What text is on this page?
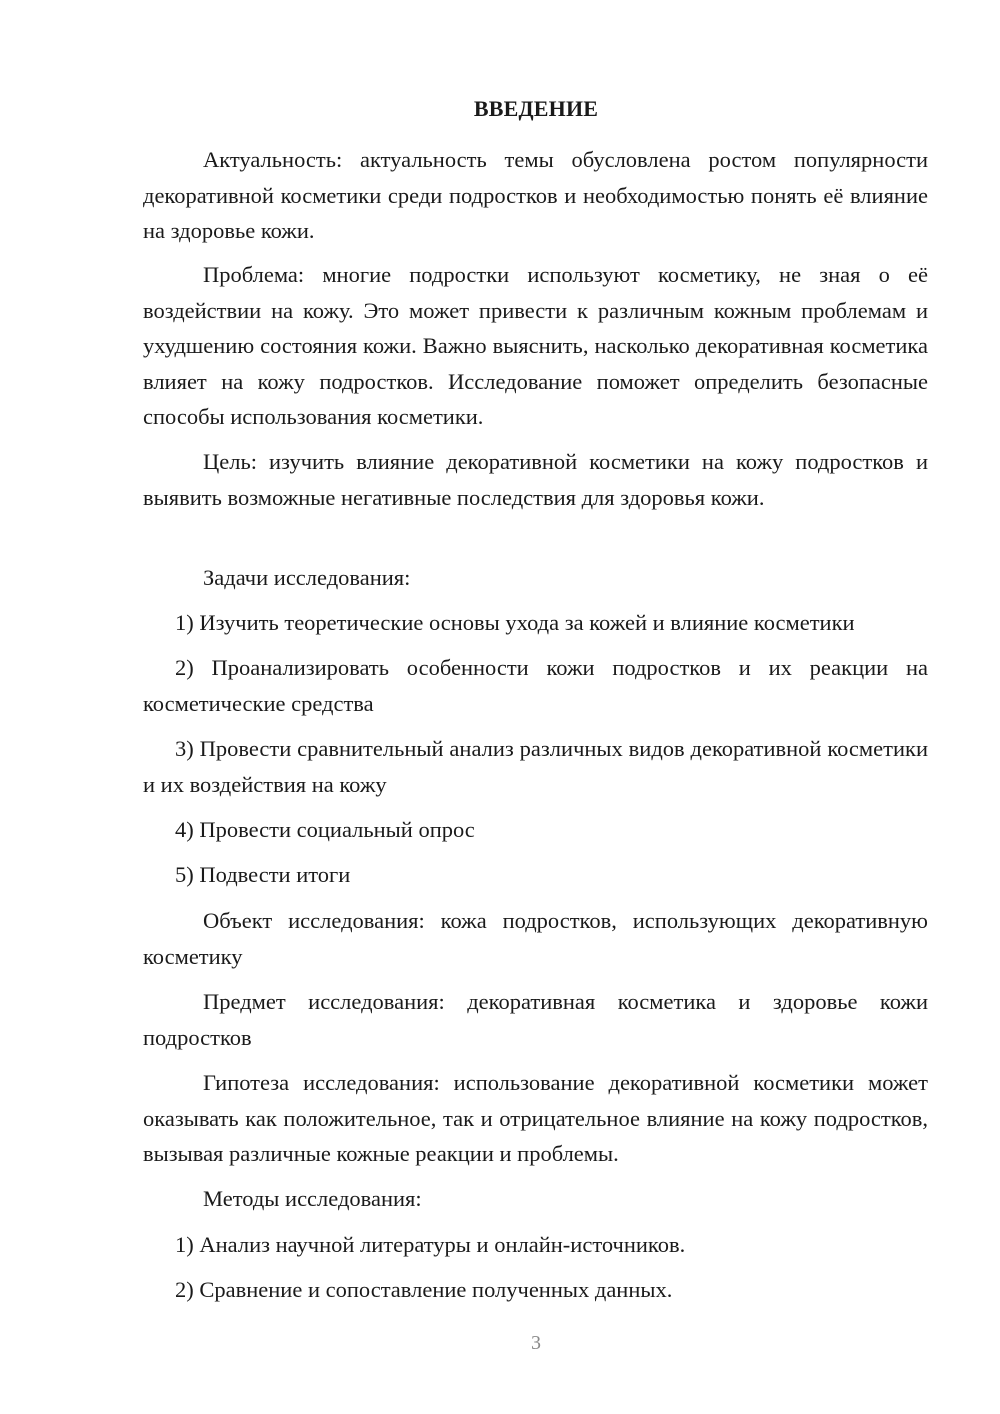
ВВЕДЕНИЕ
Актуальность: актуальность темы обусловлена ростом популярности декоративной косметики среди подростков и необходимостью понять её влияние на здоровье кожи.
Проблема: многие подростки используют косметику, не зная о её воздействии на кожу. Это может привести к различным кожным проблемам и ухудшению состояния кожи. Важно выяснить, насколько декоративная косметика влияет на кожу подростков. Исследование поможет определить безопасные способы использования косметики.
Цель: изучить влияние декоративной косметики на кожу подростков и выявить возможные негативные последствия для здоровья кожи.
Задачи исследования:
1) Изучить теоретические основы ухода за кожей и влияние косметики
2) Проанализировать особенности кожи подростков и их реакции на косметические средства
3) Провести сравнительный анализ различных видов декоративной косметики и их воздействия на кожу
4) Провести социальный опрос
5) Подвести итоги
Объект исследования: кожа подростков, использующих декоративную косметику
Предмет исследования: декоративная косметика и здоровье кожи подростков
Гипотеза исследования: использование декоративной косметики может оказывать как положительное, так и отрицательное влияние на кожу подростков, вызывая различные кожные реакции и проблемы.
Методы исследования:
1) Анализ научной литературы и онлайн-источников.
2) Сравнение и сопоставление полученных данных.
3
